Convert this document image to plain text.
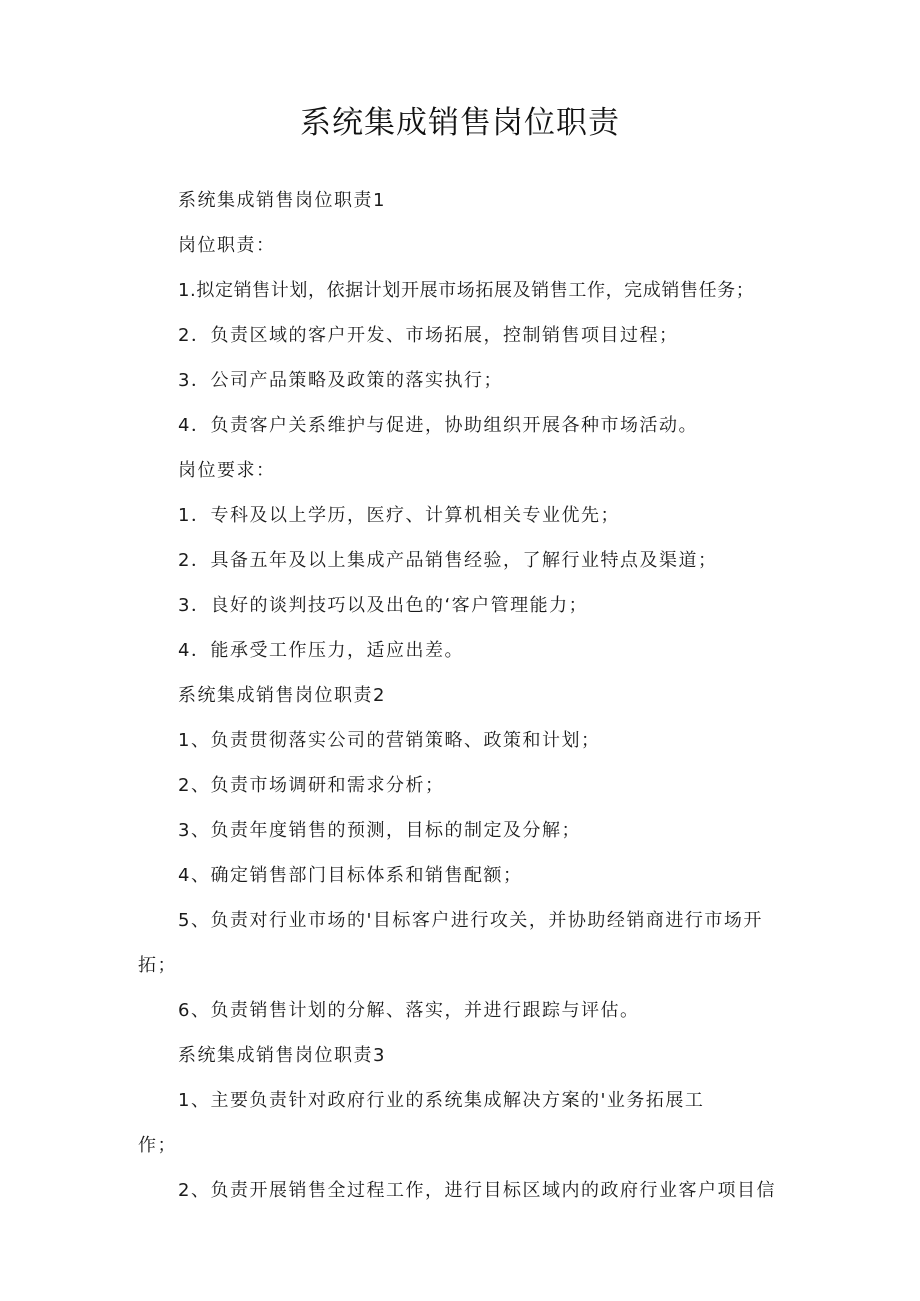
系统集成销售岗位职责
系统集成销售岗位职责1
岗位职责：
1.拟定销售计划，依据计划开展市场拓展及销售工作，完成销售任务；
2．负责区域的客户开发、市场拓展，控制销售项目过程；
3．公司产品策略及政策的落实执行；
4．负责客户关系维护与促进，协助组织开展各种市场活动。
岗位要求：
1．专科及以上学历，医疗、计算机相关专业优先；
2．具备五年及以上集成产品销售经验，了解行业特点及渠道；
3．良好的谈判技巧以及出色的‘客户管理能力；
4．能承受工作压力，适应出差。
系统集成销售岗位职责2
1、负责贯彻落实公司的营销策略、政策和计划；
2、负责市场调研和需求分析；
3、负责年度销售的预测，目标的制定及分解；
4、确定销售部门目标体系和销售配额；
5、负责对行业市场的'目标客户进行攻关，并协助经销商进行市场开
拓；
6、负责销售计划的分解、落实，并进行跟踪与评估。
系统集成销售岗位职责3
1、主要负责针对政府行业的系统集成解决方案的'业务拓展工
作；
2、负责开展销售全过程工作，进行目标区域内的政府行业客户项目信
